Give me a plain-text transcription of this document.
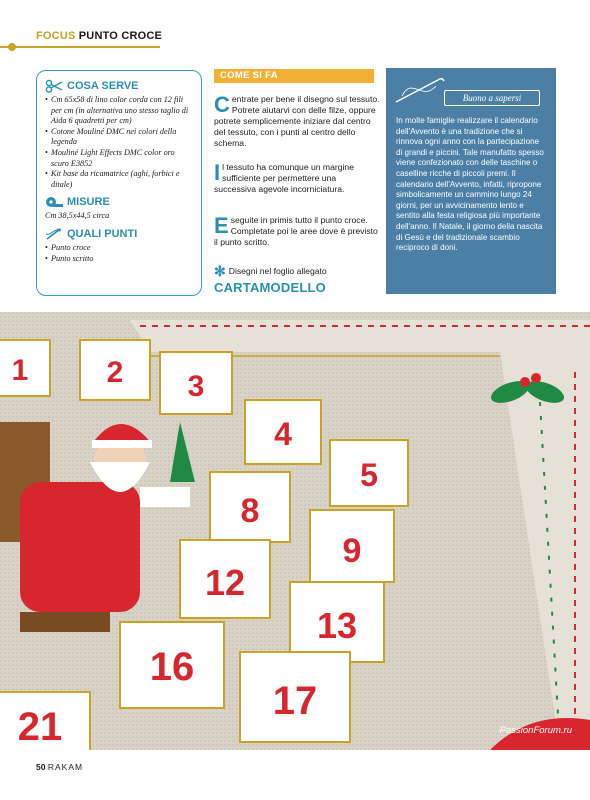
FOCUS PUNTO CROCE
COSA SERVE
• Cm 65x58 di lino color corda con 12 fili per cm (in alternativa uno stesso taglio di Aida 6 quadretti per cm)
• Cotone Mouliné DMC nei colori della legenda
• Mouliné Light Effects DMC color oro scuro E3852
• Kit base da ricamatrice (aghi, forbici e ditale)
MISURE
Cm 38,5x44,5 circa
QUALI PUNTI
• Punto croce
• Punto scritto
COME SI FA
Centrate per bene il disegno sul tessuto. Potrete aiutarvi con delle filze, oppure potrete semplicemente iniziare dal centro del tessuto, con i punti al centro dello schema.
Il tessuto ha comunque un margine sufficiente per permettere una successiva agevole incorniciatura.
Eseguite in primis tutto il punto croce. Completate poi le aree dove è previsto il punto scritto.
✻ Disegni nel foglio allegato
CARTAMODELLO
Buono a sapersi
In molte famiglie realizzare il calendario dell'Avvento è una tradizione che si rinnova ogni anno con la partecipazione di grandi e piccini. Tale manufatto spesso viene confezionato con delle taschine o caselline ricche di piccoli premi. Il calendario dell'Avvento, infatti, ripropone simbolicamente un cammino lungo 24 giorni, per un avvicinamento lento e sentito alla festa religiosa più importante dell'anno. Il Natale, il giorno della nascita di Gesù e del tradizionale scambio reciproco di doni.
1	2 3
4
5
8
9
12
13
16
17
21	PassionForum.ru
50 RAKAM
